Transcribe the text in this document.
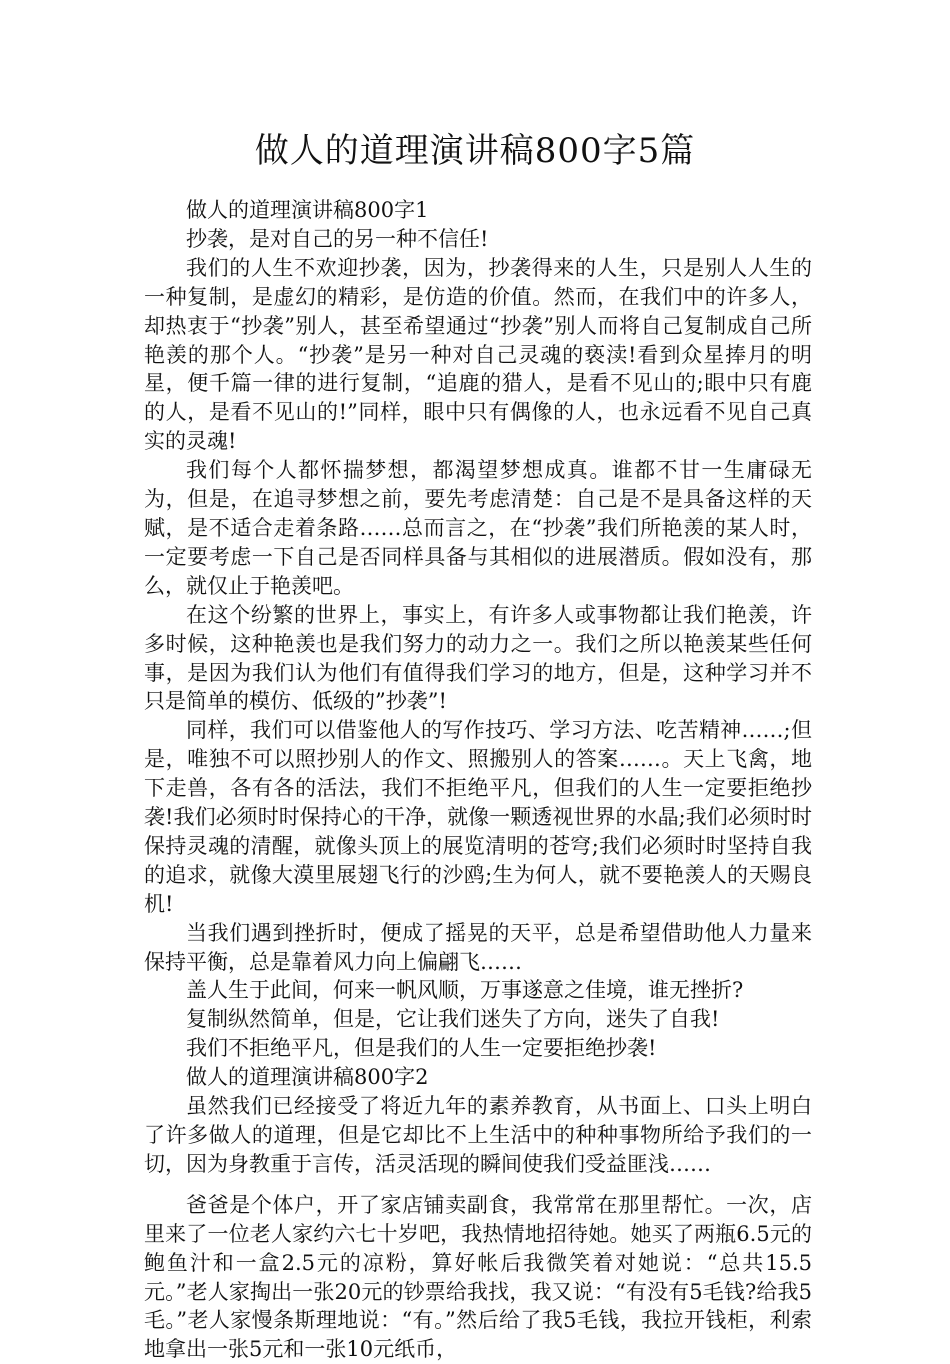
做人的道理演讲稿800字5篇

做人的道理演讲稿800字1

抄袭，是对自己的另一种不信任!

我们的人生不欢迎抄袭，因为，抄袭得来的人生，只是别人人生的一种复制，是虚幻的精彩，是仿造的价值。然而，在我们中的许多人，却热衷于“抄袭”别人，甚至希望通过“抄袭”别人而将自己复制成自己所艳羡的那个人。“抄袭”是另一种对自己灵魂的亵渎!看到众星捧月的明星，便千篇一律的进行复制，“追鹿的猎人，是看不见山的;眼中只有鹿的人，是看不见山的!”同样，眼中只有偶像的人，也永远看不见自己真实的灵魂!

我们每个人都怀揣梦想，都渴望梦想成真。谁都不甘一生庸碌无为，但是，在追寻梦想之前，要先考虑清楚：自己是不是具备这样的天赋，是不适合走着条路……总而言之，在“抄袭”我们所艳羡的某人时，一定要考虑一下自己是否同样具备与其相似的进展潜质。假如没有，那么，就仅止于艳羡吧。

在这个纷繁的世界上，事实上，有许多人或事物都让我们艳羡，许多时候，这种艳羡也是我们努力的动力之一。我们之所以艳羡某些任何事，是因为我们认为他们有值得我们学习的地方，但是，这种学习并不只是简单的模仿、低级的”抄袭”!

同样，我们可以借鉴他人的写作技巧、学习方法、吃苦精神……;但是，唯独不可以照抄别人的作文、照搬别人的答案……。天上飞禽，地下走兽，各有各的活法，我们不拒绝平凡，但我们的人生一定要拒绝抄袭!我们必须时时保持心的干净，就像一颗透视世界的水晶;我们必须时时保持灵魂的清醒，就像头顶上的展览清明的苍穹;我们必须时时坚持自我的追求，就像大漠里展翅飞行的沙鸥;生为何人，就不要艳羡人的天赐良机!

当我们遇到挫折时，便成了摇晃的天平，总是希望借助他人力量来保持平衡，总是靠着风力向上偏翩飞……

盖人生于此间，何来一帆风顺，万事遂意之佳境，谁无挫折?

复制纵然简单，但是，它让我们迷失了方向，迷失了自我!

我们不拒绝平凡，但是我们的人生一定要拒绝抄袭!

做人的道理演讲稿800字2

虽然我们已经接受了将近九年的素养教育，从书面上、口头上明白了许多做人的道理，但是它却比不上生活中的种种事物所给予我们的一切，因为身教重于言传，活灵活现的瞬间使我们受益匪浅……

爸爸是个体户，开了家店铺卖副食，我常常在那里帮忙。一次，店里来了一位老人家约六七十岁吧，我热情地招待她。她买了两瓶6.5元的鲍鱼汁和一盒2.5元的凉粉，算好帐后我微笑着对她说：“总共15.5元。”老人家掏出一张20元的钞票给我找，我又说：“有没有5毛钱?给我5毛。”老人家慢条斯理地说：“有。”然后给了我5毛钱，我拉开钱柜，利索地拿出一张5元和一张10元纸币，
